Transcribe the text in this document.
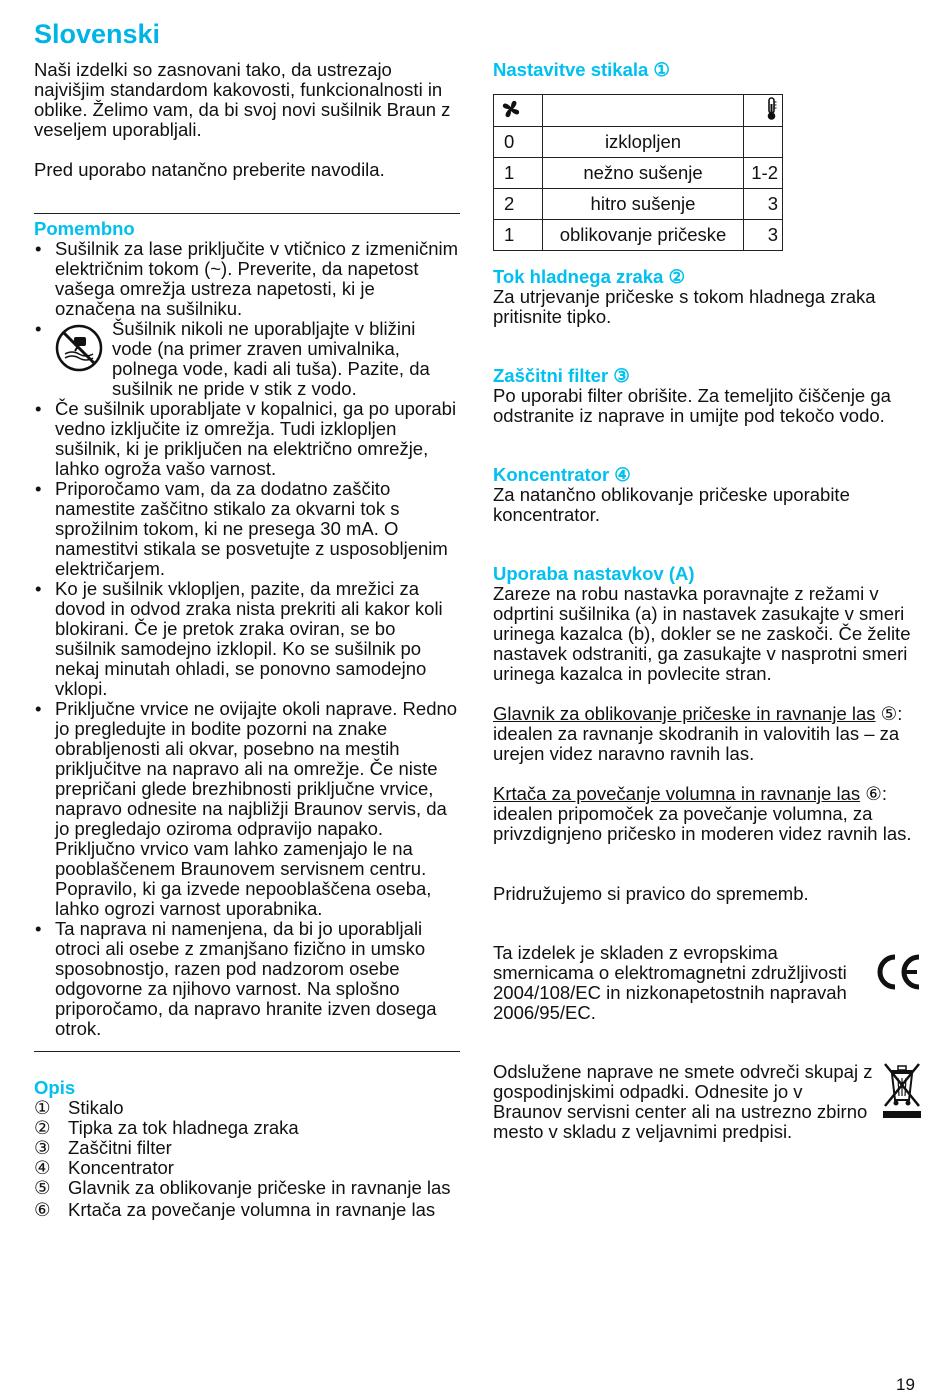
Slovenski

Naši izdelki so zasnovani tako, da ustrezajo najvišjim standardom kakovosti, funkcionalnosti in oblike. Želimo vam, da bi svoj novi sušilnik Braun z veseljem uporabljali.

Pred uporabo natančno preberite navodila.

Pomembno
• Sušilnik za lase priključite v vtičnico z izmeničnim električnim tokom (~). Preverite, da napetost vašega omrežja ustreza napetosti, ki je označena na sušilniku.
• Šušilnik nikoli ne uporabljajte v bližini vode (na primer zraven umivalnika, polnega vode, kadi ali tuša). Pazite, da sušilnik ne pride v stik z vodo.
• Če sušilnik uporabljate v kopalnici, ga po uporabi vedno izključite iz omrežja. Tudi izklopljen sušilnik, ki je priključen na električno omrežje, lahko ogroža vašo varnost.
• Priporočamo vam, da za dodatno zaščito namestite zaščitno stikalo za okvarni tok s sprožilnim tokom, ki ne presega 30 mA. O namestitvi stikala se posvetujte z usposobljenim električarjem.
• Ko je sušilnik vklopljen, pazite, da mrežici za dovod in odvod zraka nista prekriti ali kakor koli blokirani. Če je pretok zraka oviran, se bo sušilnik samodejno izklopil. Ko se sušilnik po nekaj minutah ohladi, se ponovno samodejno vklopi.
• Priključne vrvice ne ovijajte okoli naprave. Redno jo pregledujte in bodite pozorni na znake obrabljenosti ali okvar, posebno na mestih priključitve na napravo ali na omrežje. Če niste prepričani glede brezhibnosti priključne vrvice, napravo odnesite na najbližji Braunov servis, da jo pregledajo oziroma odpravijo napako. Priključno vrvico vam lahko zamenjajo le na pooblaščenem Braunovem servisnem centru. Popravilo, ki ga izvede nepooblaščena oseba, lahko ogrozi varnost uporabnika.
• Ta naprava ni namenjena, da bi jo uporabljali otroci ali osebe z zmanjšano fizično in umsko sposobnostjo, razen pod nadzorom osebe odgovorne za njihovo varnost. Na splošno priporočamo, da napravo hranite izven dosega otrok.
Opis
① Stikalo
② Tipka za tok hladnega zraka
③ Zaščitni filter
④ Koncentrator
⑤ Glavnik za oblikovanje pričeske in ravnanje las
⑥ Krtača za povečanje volumna in ravnanje las
Nastavitve stikala ①

0	izklopljen	
1	nežno sušenje	1-2
2	hitro sušenje	3
1	oblikovanje pričeske	3
Tok hladnega zraka ②

Za utrjevanje pričeske s tokom hladnega zraka pritisnite tipko.

Zaščitni filter ③

Po uporabi filter obrišite. Za temeljito čiščenje ga odstranite iz naprave in umijte pod tekočo vodo.

Koncentrator ④

Za natančno oblikovanje pričeske uporabite koncentrator.

Uporaba nastavkov (A)

Zareze na robu nastavka poravnajte z režami v odprtini sušilnika (a) in nastavek zasukajte v smeri urinega kazalca (b), dokler se ne zaskoči. Če želite nastavek odstraniti, ga zasukajte v nasprotni smeri urinega kazalca in povlecite stran.

Glavnik za oblikovanje pričeske in ravnanje las ⑤:
idealen za ravnanje skodranih in valovitih las – za urejen videz naravno ravnih las.

Krtača za povečanje volumna in ravnanje las ⑥:
idealen pripomoček za povečanje volumna, za privzdignjeno pričesko in moderen videz ravnih las.

Pridružujemo si pravico do sprememb.

Ta izdelek je skladen z evropskima smernicama o elektromagnetni združljivosti 2004/108/EC in nizkonapetostnih napravah 2006/95/EC.

Odslužene naprave ne smete odvreči skupaj z gospodinjskimi odpadki. Odnesite jo v Braunov servisni center ali na ustrezno zbirno mesto v skladu z veljavnimi predpisi.

19
